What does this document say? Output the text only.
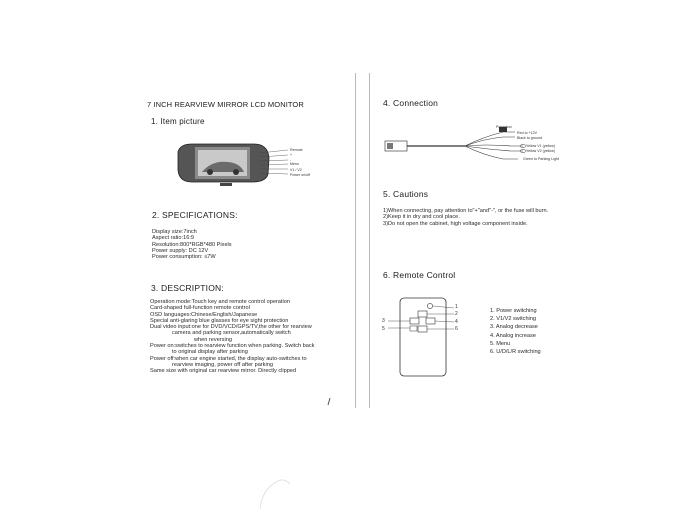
7 INCH REARVIEW MIRROR LCD MONITOR
1. Item picture
Remote
+
-
Menu
V1 / V2
Power on/off
2. SPECIFICATIONS:
Display size:7inch
Aspect ratio:16:9
Resolution:800*RGB*480 Pixels
Power supply: DC 12V
Power consumption: ≤7W
3. DESCRIPTION:
Operation mode:Touch key and remote control operation
Card-shaped full-function remote control
OSD languages:Chinese/English/Japanese
Special anti-glaring blue glasses for eye sight protection
Dual video input:one for DVD/VCD/GPS/TV,the other for rearview
camera and parking sensor,automatically switch
when reversing
Power on:switches to rearview function when parking. Switch back
to original display after parking
Power off:when car engine started, the display auto-switches to
rearview imaging, power off after parking
Same size with original car rearview mirror. Directly clipped
4. Connection
Powerbox
Red to +12V
Black to ground
Yellow V1 (yellow)
Yellow V2 (yellow)
Green to Parking Light
5. Cautions
1)When connecting, pay attention to"+"and"-", or the fuse will burn.
2)Keep it in dry and cool place.
3)Do not open the cabinet, high voltage component inside.
6. Remote Control
1
2
3	4
5	6
1. Power switching
2. V1/V2 switching
3. Analog decrease
4. Analog increase
5. Menu
6. U/D/L/R switching
